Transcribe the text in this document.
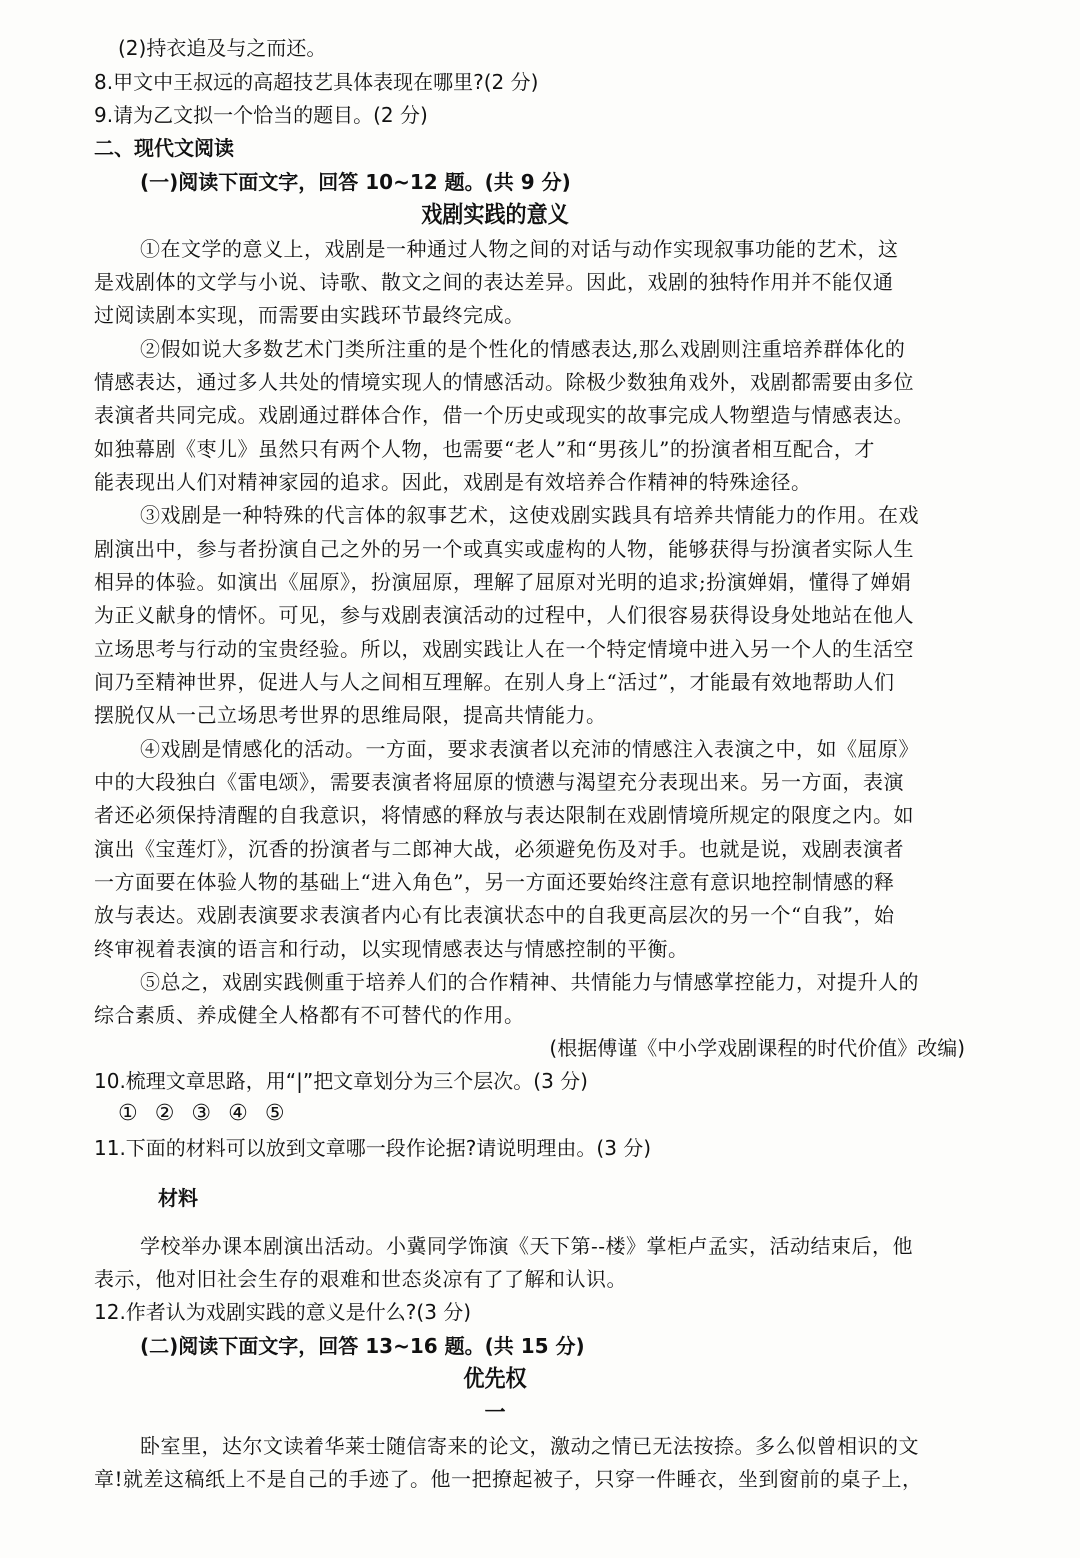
(2)持衣追及与之而还。
8.甲文中王叔远的高超技艺具体表现在哪里?(2 分)
9.请为乙文拟一个恰当的题目。(2 分)
二、现代文阅读
(一)阅读下面文字，回答 10~12 题。(共 9 分)
戏剧实践的意义
①在文学的意义上，戏剧是一种通过人物之间的对话与动作实现叙事功能的艺术，这
是戏剧体的文学与小说、诗歌、散文之间的表达差异。因此，戏剧的独特作用并不能仅通
过阅读剧本实现，而需要由实践环节最终完成。
②假如说大多数艺术门类所注重的是个性化的情感表达,那么戏剧则注重培养群体化的
情感表达，通过多人共处的情境实现人的情感活动。除极少数独角戏外，戏剧都需要由多位
表演者共同完成。戏剧通过群体合作，借一个历史或现实的故事完成人物塑造与情感表达。
如独幕剧《枣儿》虽然只有两个人物，也需要“老人”和“男孩儿”的扮演者相互配合，才
能表现出人们对精神家园的追求。因此，戏剧是有效培养合作精神的特殊途径。
③戏剧是一种特殊的代言体的叙事艺术，这使戏剧实践具有培养共情能力的作用。在戏
剧演出中，参与者扮演自己之外的另一个或真实或虚构的人物，能够获得与扮演者实际人生
相异的体验。如演出《屈原》，扮演屈原，理解了屈原对光明的追求;扮演婵娟，懂得了婵娟
为正义献身的情怀。可见，参与戏剧表演活动的过程中，人们很容易获得设身处地站在他人
立场思考与行动的宝贵经验。所以，戏剧实践让人在一个特定情境中进入另一个人的生活空
间乃至精神世界，促进人与人之间相互理解。在别人身上“活过”，才能最有效地帮助人们
摆脱仅从一己立场思考世界的思维局限，提高共情能力。
④戏剧是情感化的活动。一方面，要求表演者以充沛的情感注入表演之中，如《屈原》
中的大段独白《雷电颂》，需要表演者将屈原的愤懑与渴望充分表现出来。另一方面，表演
者还必须保持清醒的自我意识，将情感的释放与表达限制在戏剧情境所规定的限度之内。如
演出《宝莲灯》，沉香的扮演者与二郎神大战，必须避免伤及对手。也就是说，戏剧表演者
一方面要在体验人物的基础上“进入角色”，另一方面还要始终注意有意识地控制情感的释
放与表达。戏剧表演要求表演者内心有比表演状态中的自我更高层次的另一个“自我”，始
终审视着表演的语言和行动，以实现情感表达与情感控制的平衡。
⑤总之，戏剧实践侧重于培养人们的合作精神、共情能力与情感掌控能力，对提升人的
综合素质、养成健全人格都有不可替代的作用。
(根据傅谨《中小学戏剧课程的时代价值》改编)
10.梳理文章思路，用“|”把文章划分为三个层次。(3 分)
① ② ③ ④ ⑤
11.下面的材料可以放到文章哪一段作论据?请说明理由。(3 分)
材料
学校举办课本剧演出活动。小冀同学饰演《天下第--楼》掌柜卢孟实，活动结束后，他
表示，他对旧社会生存的艰难和世态炎凉有了了解和认识。
12.作者认为戏剧实践的意义是什么?(3 分)
(二)阅读下面文字，回答 13~16 题。(共 15 分)
优先权
一
卧室里，达尔文读着华莱士随信寄来的论文，激动之情已无法按捺。多么似曾相识的文
章!就差这稿纸上不是自己的手迹了。他一把撩起被子，只穿一件睡衣，坐到窗前的桌子上，
